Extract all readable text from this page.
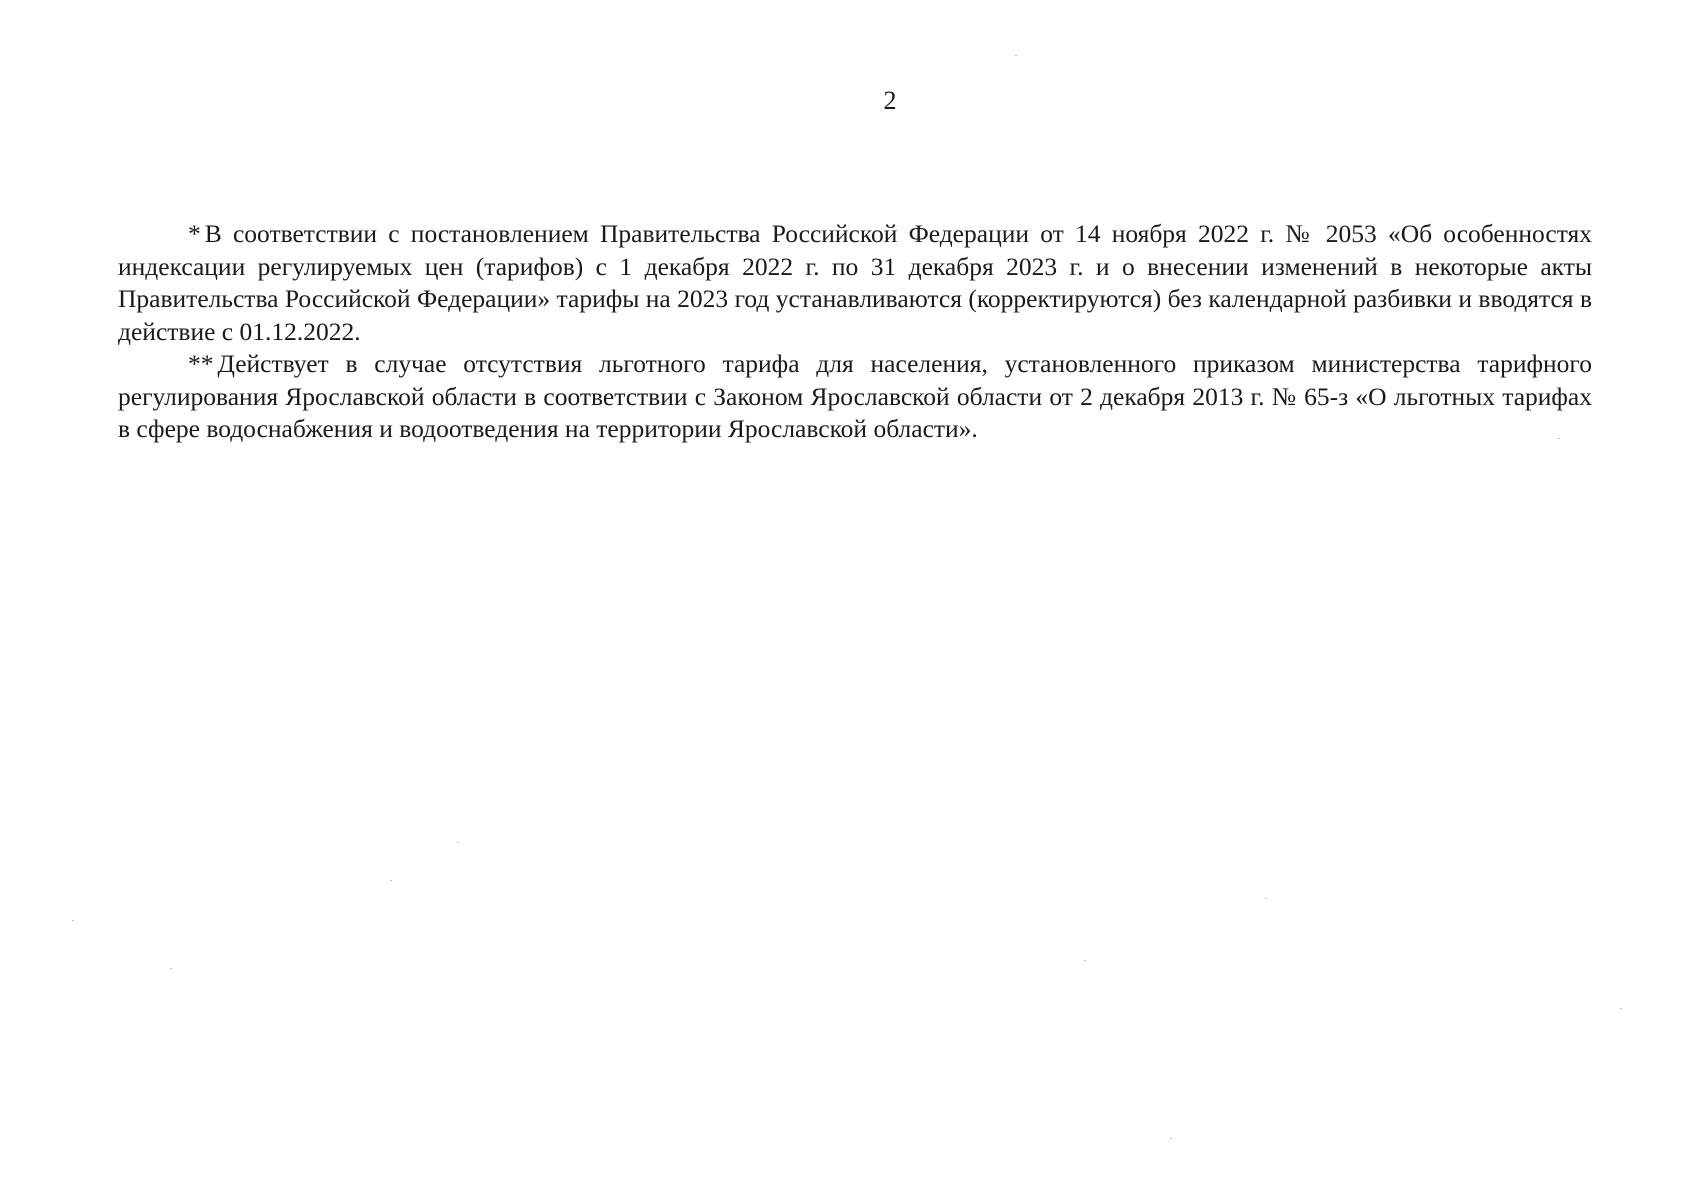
2

* В соответствии с постановлением Правительства Российской Федерации от 14 ноября 2022 г. № 2053 «Об особенностях индексации регулируемых цен (тарифов) с 1 декабря 2022 г. по 31 декабря 2023 г. и о внесении изменений в некоторые акты Правительства Российской Федерации» тарифы на 2023 год устанавливаются (корректируются) без календарной разбивки и вводятся в действие с 01.12.2022.

** Действует в случае отсутствия льготного тарифа для населения, установленного приказом министерства тарифного регулирования Ярославской области в соответствии с Законом Ярославской области от 2 декабря 2013 г. № 65-з «О льготных тарифах в сфере водоснабжения и водоотведения на территории Ярославской области».
